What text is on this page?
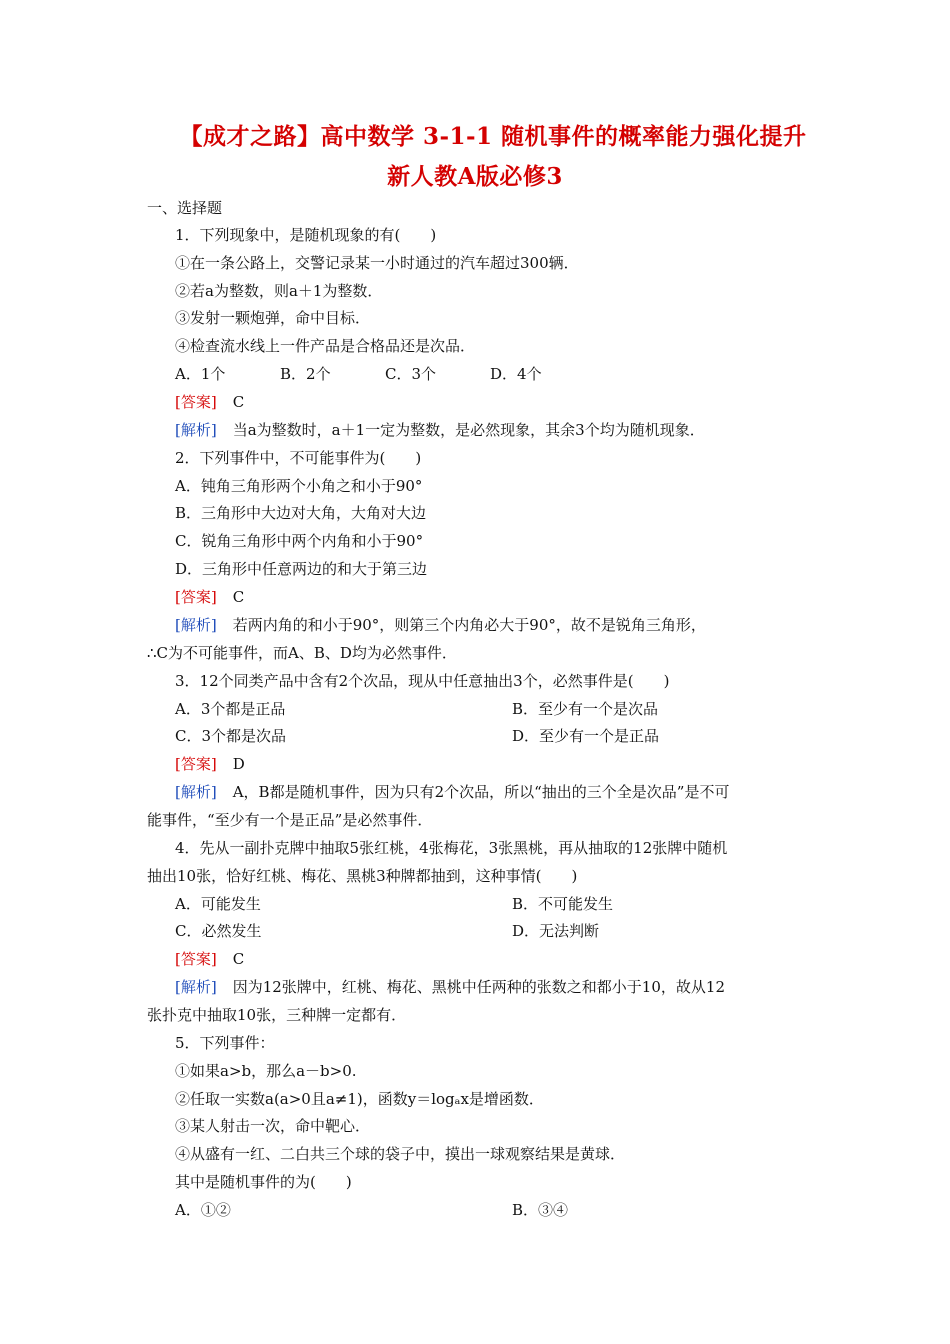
【成才之路】高中数学 3-1-1 随机事件的概率能力强化提升
新人教A版必修3
一、选择题
1．下列现象中，是随机现象的有(　　)
①在一条公路上，交警记录某一小时通过的汽车超过300辆．
②若a为整数，则a＋1为整数．
③发射一颗炮弹，命中目标．
④检查流水线上一件产品是合格品还是次品．
A．1个	B．2个	C．3个	D．4个
[答案] C
[解析] 当a为整数时，a＋1一定为整数，是必然现象，其余3个均为随机现象．
2．下列事件中，不可能事件为(　　)
A．钝角三角形两个小角之和小于90°
B．三角形中大边对大角，大角对大边
C．锐角三角形中两个内角和小于90°
D．三角形中任意两边的和大于第三边
[答案] C
[解析] 若两内角的和小于90°，则第三个内角必大于90°，故不是锐角三角形，
∴C为不可能事件，而A、B、D均为必然事件．
3．12个同类产品中含有2个次品，现从中任意抽出3个，必然事件是(　　)
A．3个都是正品	B．至少有一个是次品
C．3个都是次品	D．至少有一个是正品
[答案] D
[解析] A，B都是随机事件，因为只有2个次品，所以“抽出的三个全是次品”是不可
能事件，“至少有一个是正品”是必然事件．
4．先从一副扑克牌中抽取5张红桃，4张梅花，3张黑桃，再从抽取的12张牌中随机
抽出10张，恰好红桃、梅花、黑桃3种牌都抽到，这种事情(　　)
A．可能发生	B．不可能发生
C．必然发生	D．无法判断
[答案] C
[解析] 因为12张牌中，红桃、梅花、黑桃中任两种的张数之和都小于10，故从12
张扑克中抽取10张，三种牌一定都有．
5．下列事件：
①如果a>b，那么a－b>0.
②任取一实数a(a>0且a≠1)，函数y＝logₐx是增函数．
③某人射击一次，命中靶心．
④从盛有一红、二白共三个球的袋子中，摸出一球观察结果是黄球．
其中是随机事件的为(　　)
A．①②	B．③④
